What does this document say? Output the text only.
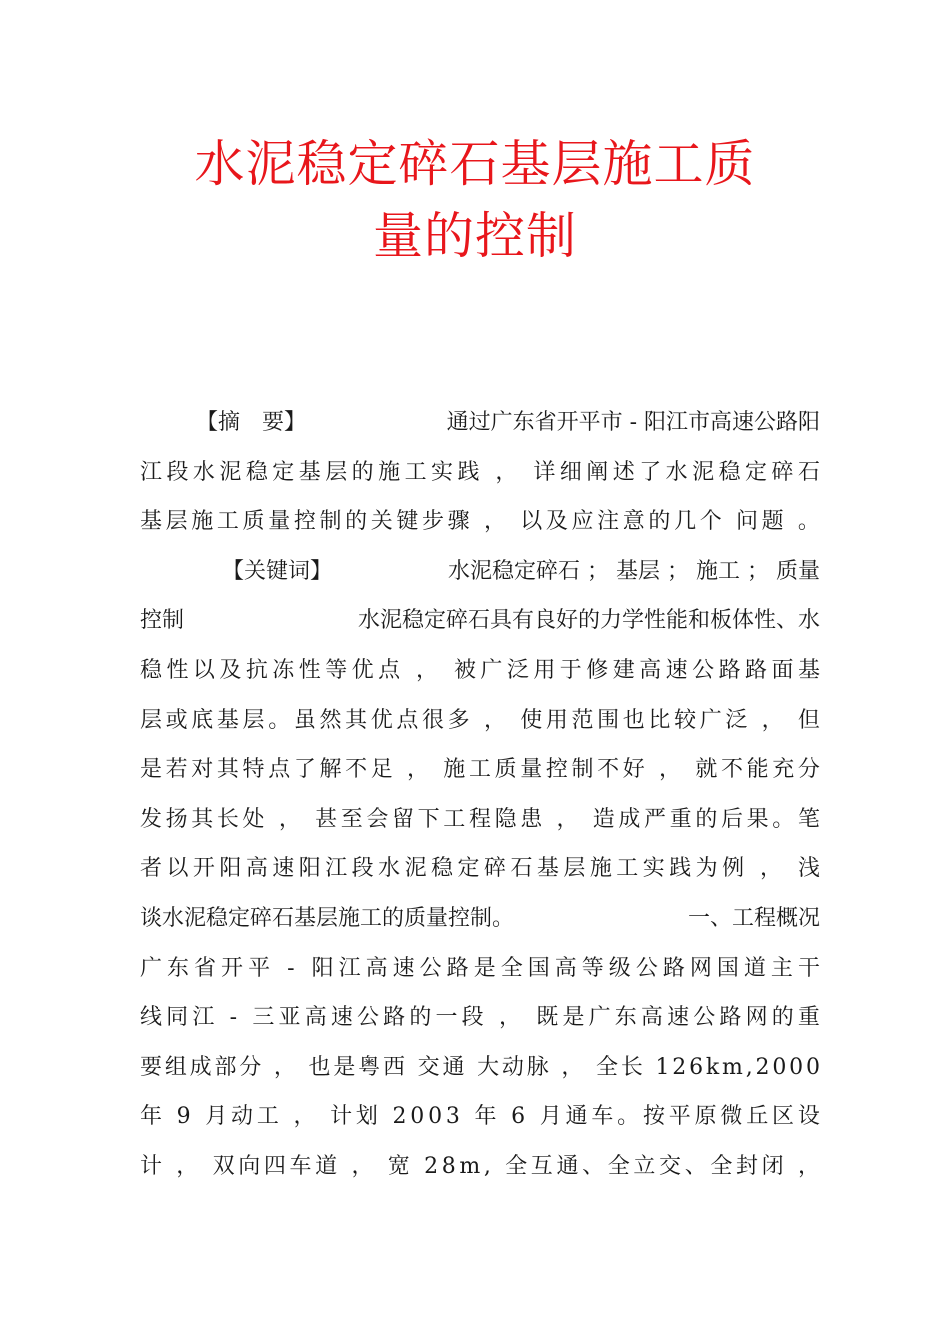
水泥稳定碎石基层施工质
量的控制
【摘　要】	通过广东省开平市 - 阳江市高速公路阳
江段水泥稳定基层的施工实践 ， 详细阐述了水泥稳定碎石
基层施工质量控制的关键步骤 ， 以及应注意的几个 问题 。
【关键词】	水泥稳定碎石 ； 基层 ； 施工 ； 质量
控制	水泥稳定碎石具有良好的力学性能和板体性、水
稳性以及抗冻性等优点 ， 被广泛用于修建高速公路路面基
层或底基层。虽然其优点很多 ， 使用范围也比较广泛 ， 但
是若对其特点了解不足 ， 施工质量控制不好 ， 就不能充分
发扬其长处 ， 甚至会留下工程隐患 ， 造成严重的后果。笔
者以开阳高速阳江段水泥稳定碎石基层施工实践为例 ， 浅
谈水泥稳定碎石基层施工的质量控制。	一、工程概况
广东省开平 - 阳江高速公路是全国高等级公路网国道主干
线同江 - 三亚高速公路的一段 ， 既是广东高速公路网的重
要组成部分 ， 也是粤西 交通 大动脉 ， 全长 126km,2000
年 9 月动工 ， 计划 2003 年 6 月通车。按平原微丘区设
计 ， 双向四车道 ， 宽 28m, 全互通、全立交、全封闭 ，
